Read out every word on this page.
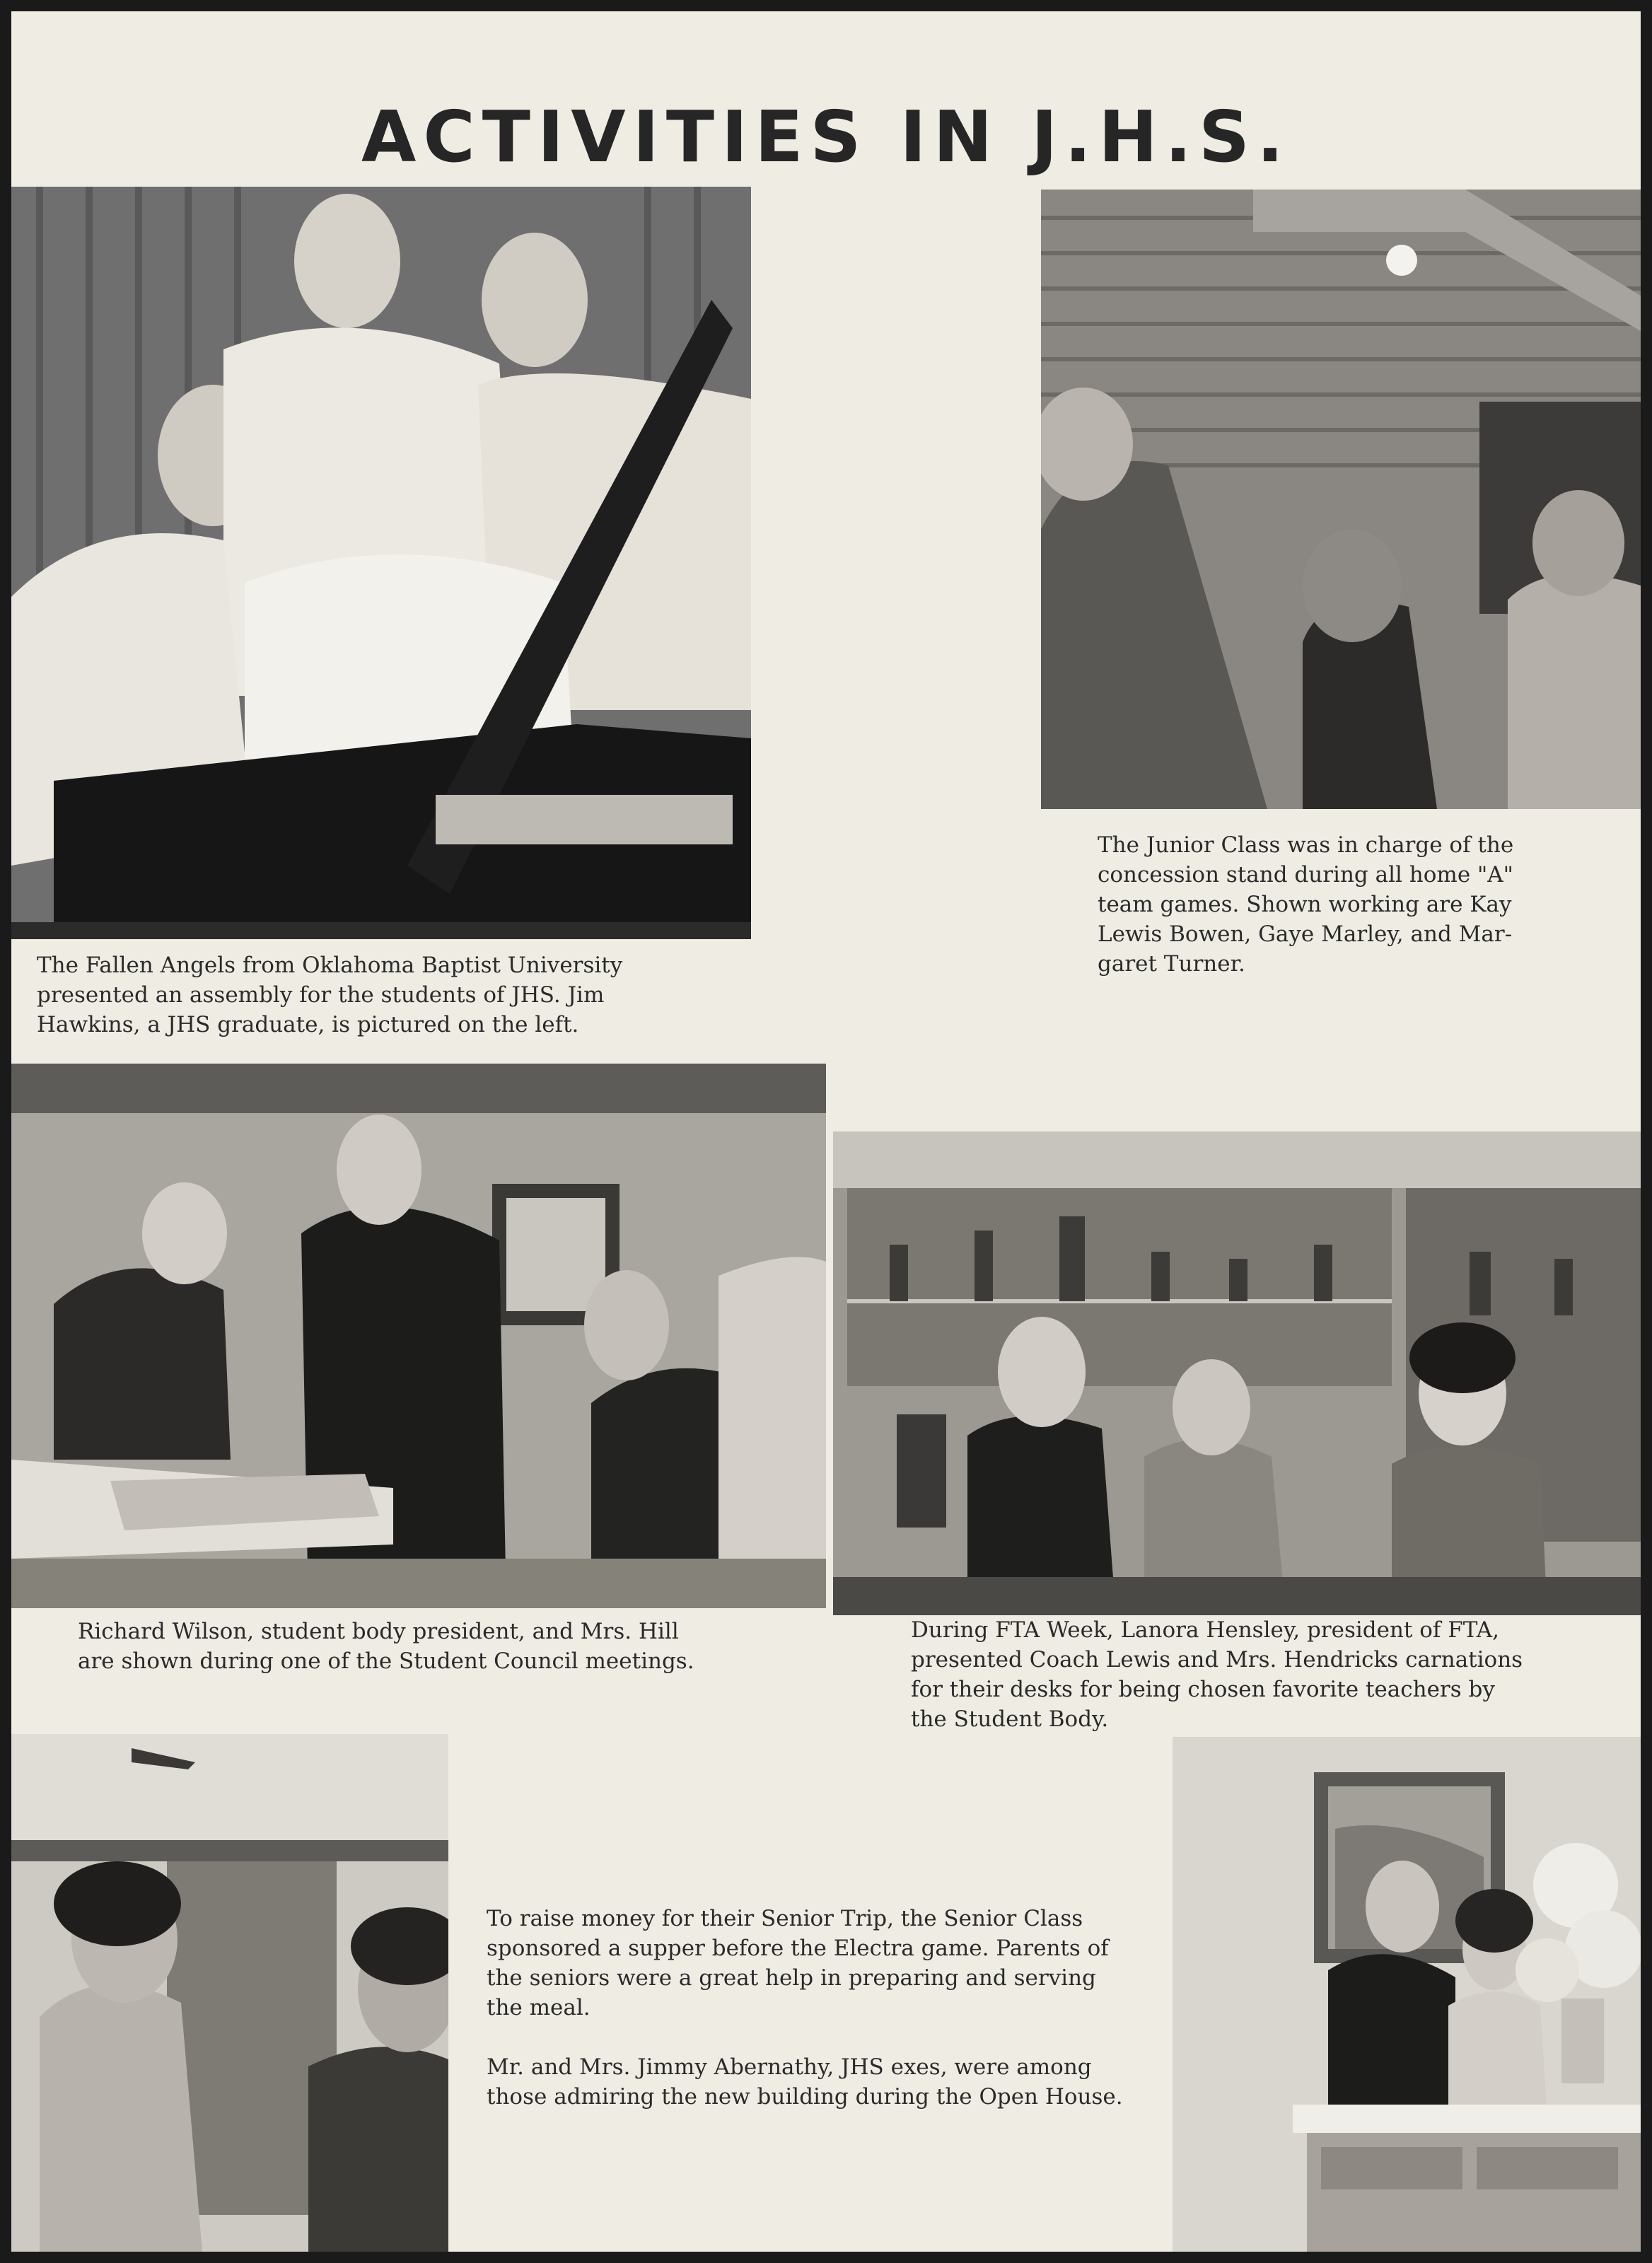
ACTIVITIES IN J.H.S.
The Fallen Angels from Oklahoma Baptist University
presented an assembly for the students of JHS. Jim
Hawkins, a JHS graduate, is pictured on the left.
The Junior Class was in charge of the
concession stand during all home "A"
team games. Shown working are Kay
Lewis Bowen, Gaye Marley, and Mar-
garet Turner.
Richard Wilson, student body president, and Mrs. Hill
are shown during one of the Student Council meetings.
During FTA Week, Lanora Hensley, president of FTA,
presented Coach Lewis and Mrs. Hendricks carnations
for their desks for being chosen favorite teachers by
the Student Body.
To raise money for their Senior Trip, the Senior Class
sponsored a supper before the Electra game. Parents of
the seniors were a great help in preparing and serving
the meal.
Mr. and Mrs. Jimmy Abernathy, JHS exes, were among
those admiring the new building during the Open House.
